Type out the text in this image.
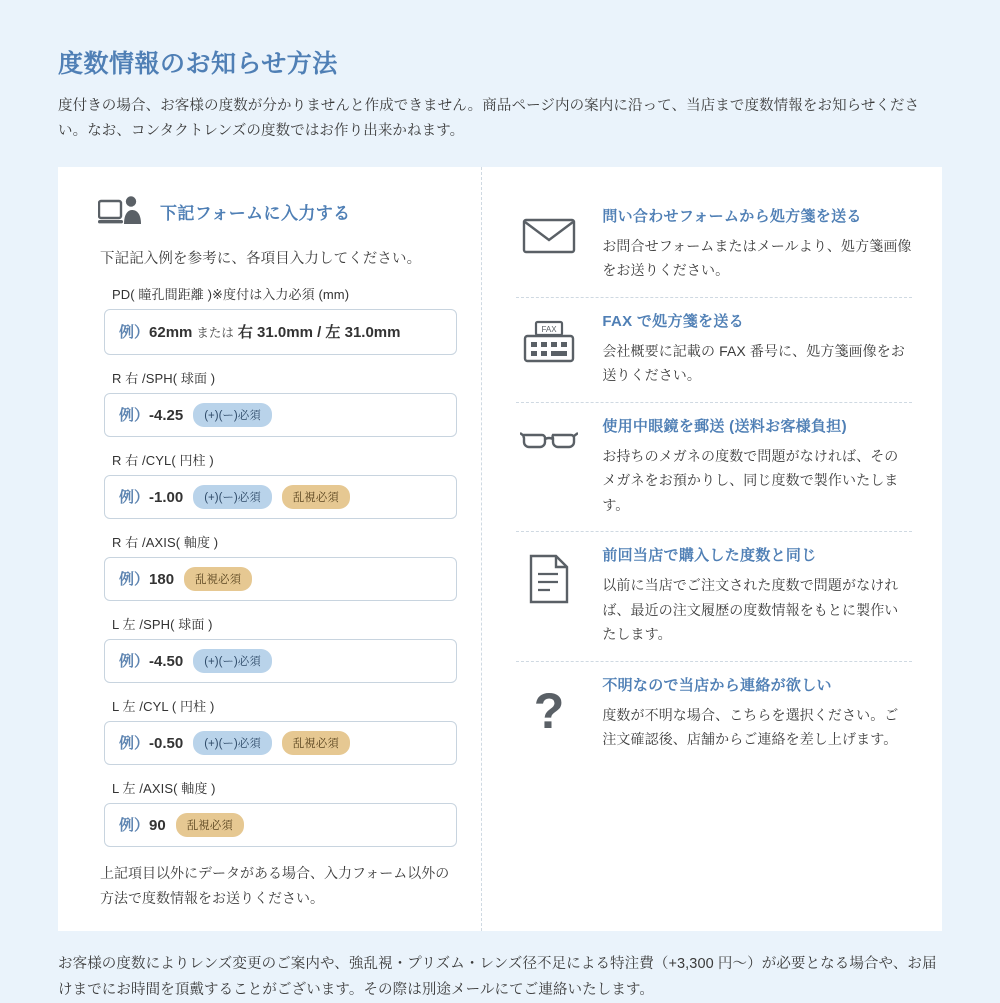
度数情報のお知らせ方法

度付きの場合、お客様の度数が分かりませんと作成できません。商品ページ内の案内に沿って、当店まで度数情報をお知らせください。なお、コンタクトレンズの度数ではお作り出来かねます。

下記フォームに入力する
下記記入例を参考に、各項目入力してください。
PD( 瞳孔間距離 )※度付は入力必須 (mm)
例）62mm または 右 31.0mm / 左 31.0mm
R 右 /SPH( 球面 )
例）-4.25	(+)(ー)必須
R 右 /CYL( 円柱 )
例）-1.00	(+)(ー)必須	乱視必須
R 右 /AXIS( 軸度 )
例）180	乱視必須
L 左 /SPH( 球面 )
例）-4.50	(+)(ー)必須
L 左 /CYL ( 円柱 )
例）-0.50	(+)(ー)必須	乱視必須
L 左 /AXIS( 軸度 )
例）90	乱視必須
上記項目以外にデータがある場合、入力フォーム以外の方法で度数情報をお送りください。
問い合わせフォームから処方箋を送る
お問合せフォームまたはメールより、処方箋画像をお送りください。
FAX	FAX で処方箋を送る
会社概要に記載の FAX 番号に、処方箋画像をお送りください。
使用中眼鏡を郵送 (送料お客様負担)
お持ちのメガネの度数で問題がなければ、そのメガネをお預かりし、同じ度数で製作いたします。
前回当店で購入した度数と同じ
以前に当店でご注文された度数で問題がなければ、最近の注文履歴の度数情報をもとに製作いたします。
?	不明なので当店から連絡が欲しい
度数が不明な場合、こちらを選択ください。ご注文確認後、店舗からご連絡を差し上げます。

お客様の度数によりレンズ変更のご案内や、強乱視・プリズム・レンズ径不足による特注費（+3,300 円～）が必要となる場合や、お届けまでにお時間を頂戴することがございます。その際は別途メールにてご連絡いたします。
